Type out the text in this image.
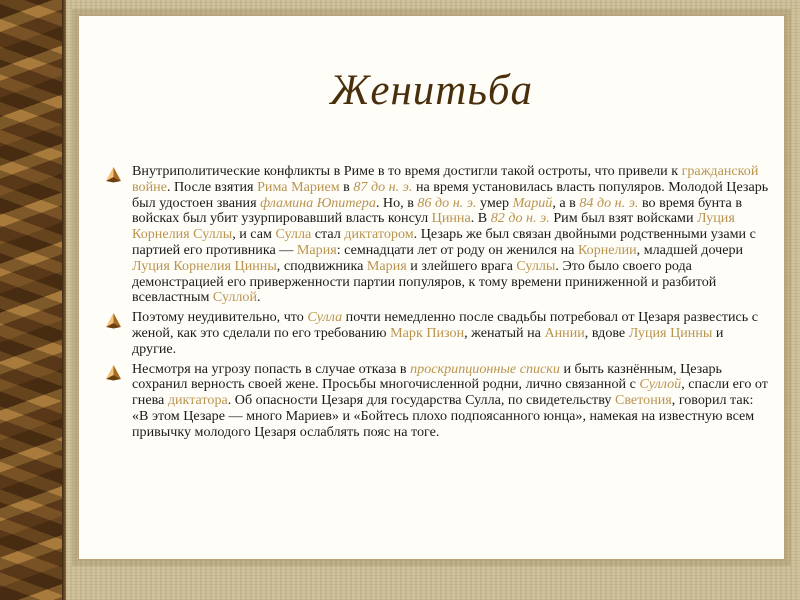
Женитьба
Внутриполитические конфликты в Риме в то время достигли такой остроты, что привели к гражданской войне. После взятия Рима Марием в 87 до н. э. на время установилась власть популяров. Молодой Цезарь был удостоен звания фламина Юпитера. Но, в 86 до н. э. умер Марий, а в 84 до н. э. во время бунта в войсках был убит узурпировавший власть консул Цинна. В 82 до н. э. Рим был взят войсками Луция Корнелия Суллы, и сам Сулла стал диктатором. Цезарь же был связан двойными родственными узами с партией его противника — Мария: семнадцати лет от роду он женился на Корнелии, младшей дочери Луция Корнелия Цинны, сподвижника Мария и злейшего врага Суллы. Это было своего рода демонстрацией его приверженности партии популяров, к тому времени приниженной и разбитой всевластным Суллой.
Поэтому неудивительно, что Сулла почти немедленно после свадьбы потребовал от Цезаря развестись с женой, как это сделали по его требованию Марк Пизон, женатый на Аннии, вдове Луция Цинны и другие.
Несмотря на угрозу попасть в случае отказа в проскрипционные списки и быть казнённым, Цезарь сохранил верность своей жене. Просьбы многочисленной родни, лично связанной с Суллой, спасли его от гнева диктатора. Об опасности Цезаря для государства Сулла, по свидетельству Светония, говорил так: «В этом Цезаре — много Мариев» и «Бойтесь плохо подпоясанного юнца», намекая на известную всем привычку молодого Цезаря ослаблять пояс на тоге.
